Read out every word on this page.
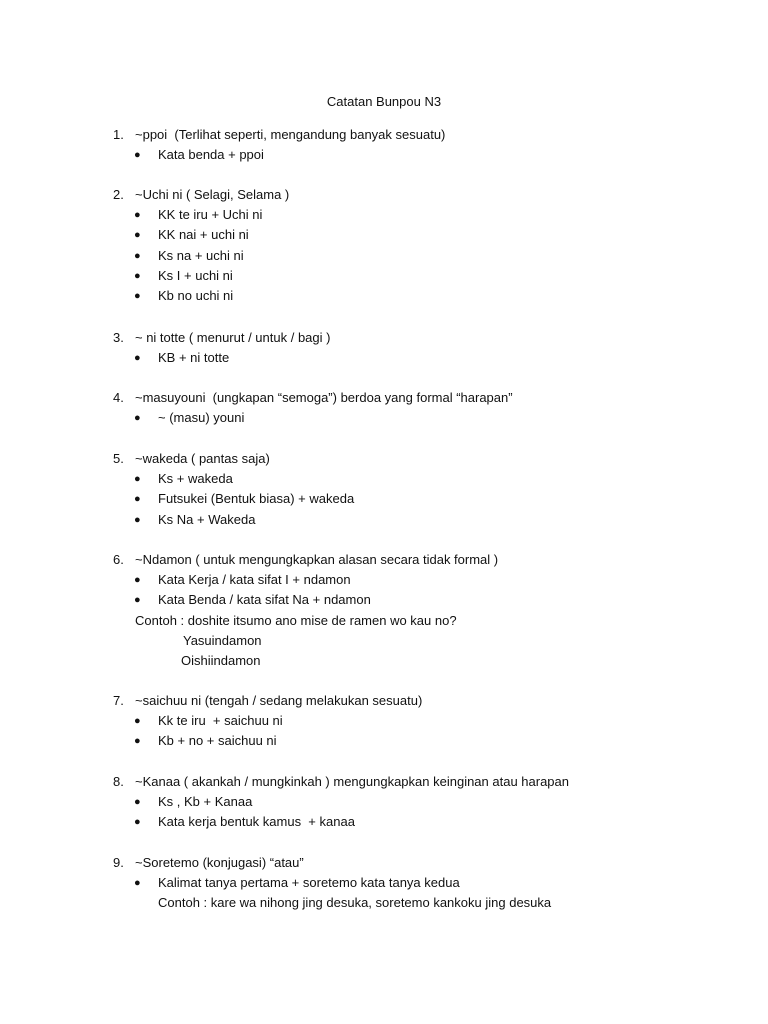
Catatan Bunpou N3

1.

~ppoi  (Terlihat seperti, mengandung banyak sesuatu)

●

Kata benda + ppoi

2.

~Uchi ni ( Selagi, Selama )

●

KK te iru + Uchi ni

●

KK nai + uchi ni

●

Ks na + uchi ni

●

Ks I + uchi ni

●

Kb no uchi ni

3.

~ ni totte ( menurut / untuk / bagi )

●

KB + ni totte

4.

~masuyouni  (ungkapan “semoga”) berdoa yang formal “harapan”

●

~ (masu) youni

5.

~wakeda ( pantas saja)

●

Ks + wakeda

●

Futsukei (Bentuk biasa) + wakeda

●

Ks Na + Wakeda

6.

~Ndamon ( untuk mengungkapkan alasan secara tidak formal )

●

Kata Kerja / kata sifat I + ndamon

●

Kata Benda / kata sifat Na + ndamon

Contoh : doshite itsumo ano mise de ramen wo kau no?

Yasuindamon

Oishiindamon

7.

~saichuu ni (tengah / sedang melakukan sesuatu)

●

Kk te iru  + saichuu ni

●

Kb + no + saichuu ni

8.

~Kanaa ( akankah / mungkinkah ) mengungkapkan keinginan atau harapan

●

Ks , Kb + Kanaa

●

Kata kerja bentuk kamus  + kanaa

9.

~Soretemo (konjugasi) “atau”

●

Kalimat tanya pertama + soretemo kata tanya kedua

Contoh : kare wa nihong jing desuka, soretemo kankoku jing desuka
